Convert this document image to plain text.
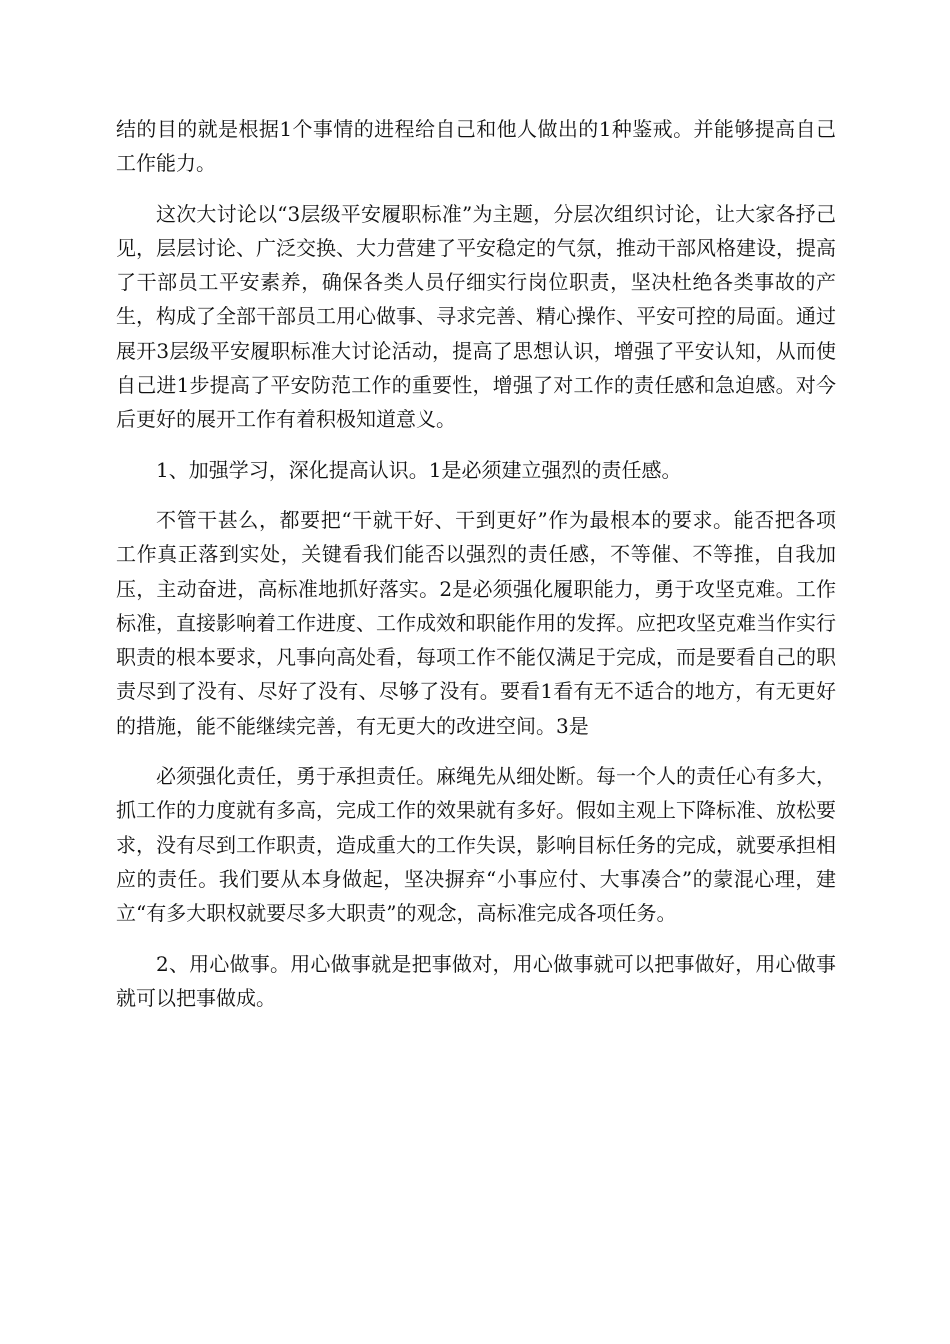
结的目的就是根据1个事情的进程给自己和他人做出的1种鉴戒。并能够提高自己工作能力。

这次大讨论以“3层级平安履职标准”为主题，分层次组织讨论，让大家各抒己见，层层讨论、广泛交换、大力营建了平安稳定的气氛，推动干部风格建设，提高了干部员工平安素养，确保各类人员仔细实行岗位职责，坚决杜绝各类事故的产生，构成了全部干部员工用心做事、寻求完善、精心操作、平安可控的局面。通过展开3层级平安履职标准大讨论活动，提高了思想认识，增强了平安认知，从而使自己进1步提高了平安防范工作的重要性，增强了对工作的责任感和急迫感。对今后更好的展开工作有着积极知道意义。

1、加强学习，深化提高认识。1是必须建立强烈的责任感。

不管干甚么，都要把“干就干好、干到更好”作为最根本的要求。能否把各项工作真正落到实处，关键看我们能否以强烈的责任感，不等催、不等推，自我加压，主动奋进，高标准地抓好落实。2是必须强化履职能力，勇于攻坚克难。工作标准，直接影响着工作进度、工作成效和职能作用的发挥。应把攻坚克难当作实行职责的根本要求，凡事向高处看，每项工作不能仅满足于完成，而是要看自己的职责尽到了没有、尽好了没有、尽够了没有。要看1看有无不适合的地方，有无更好的措施，能不能继续完善，有无更大的改进空间。3是

必须强化责任，勇于承担责任。麻绳先从细处断。每一个人的责任心有多大，抓工作的力度就有多高，完成工作的效果就有多好。假如主观上下降标准、放松要求，没有尽到工作职责，造成重大的工作失误，影响目标任务的完成，就要承担相应的责任。我们要从本身做起，坚决摒弃“小事应付、大事凑合”的蒙混心理，建立“有多大职权就要尽多大职责”的观念，高标准完成各项任务。

2、用心做事。用心做事就是把事做对，用心做事就可以把事做好，用心做事就可以把事做成。
